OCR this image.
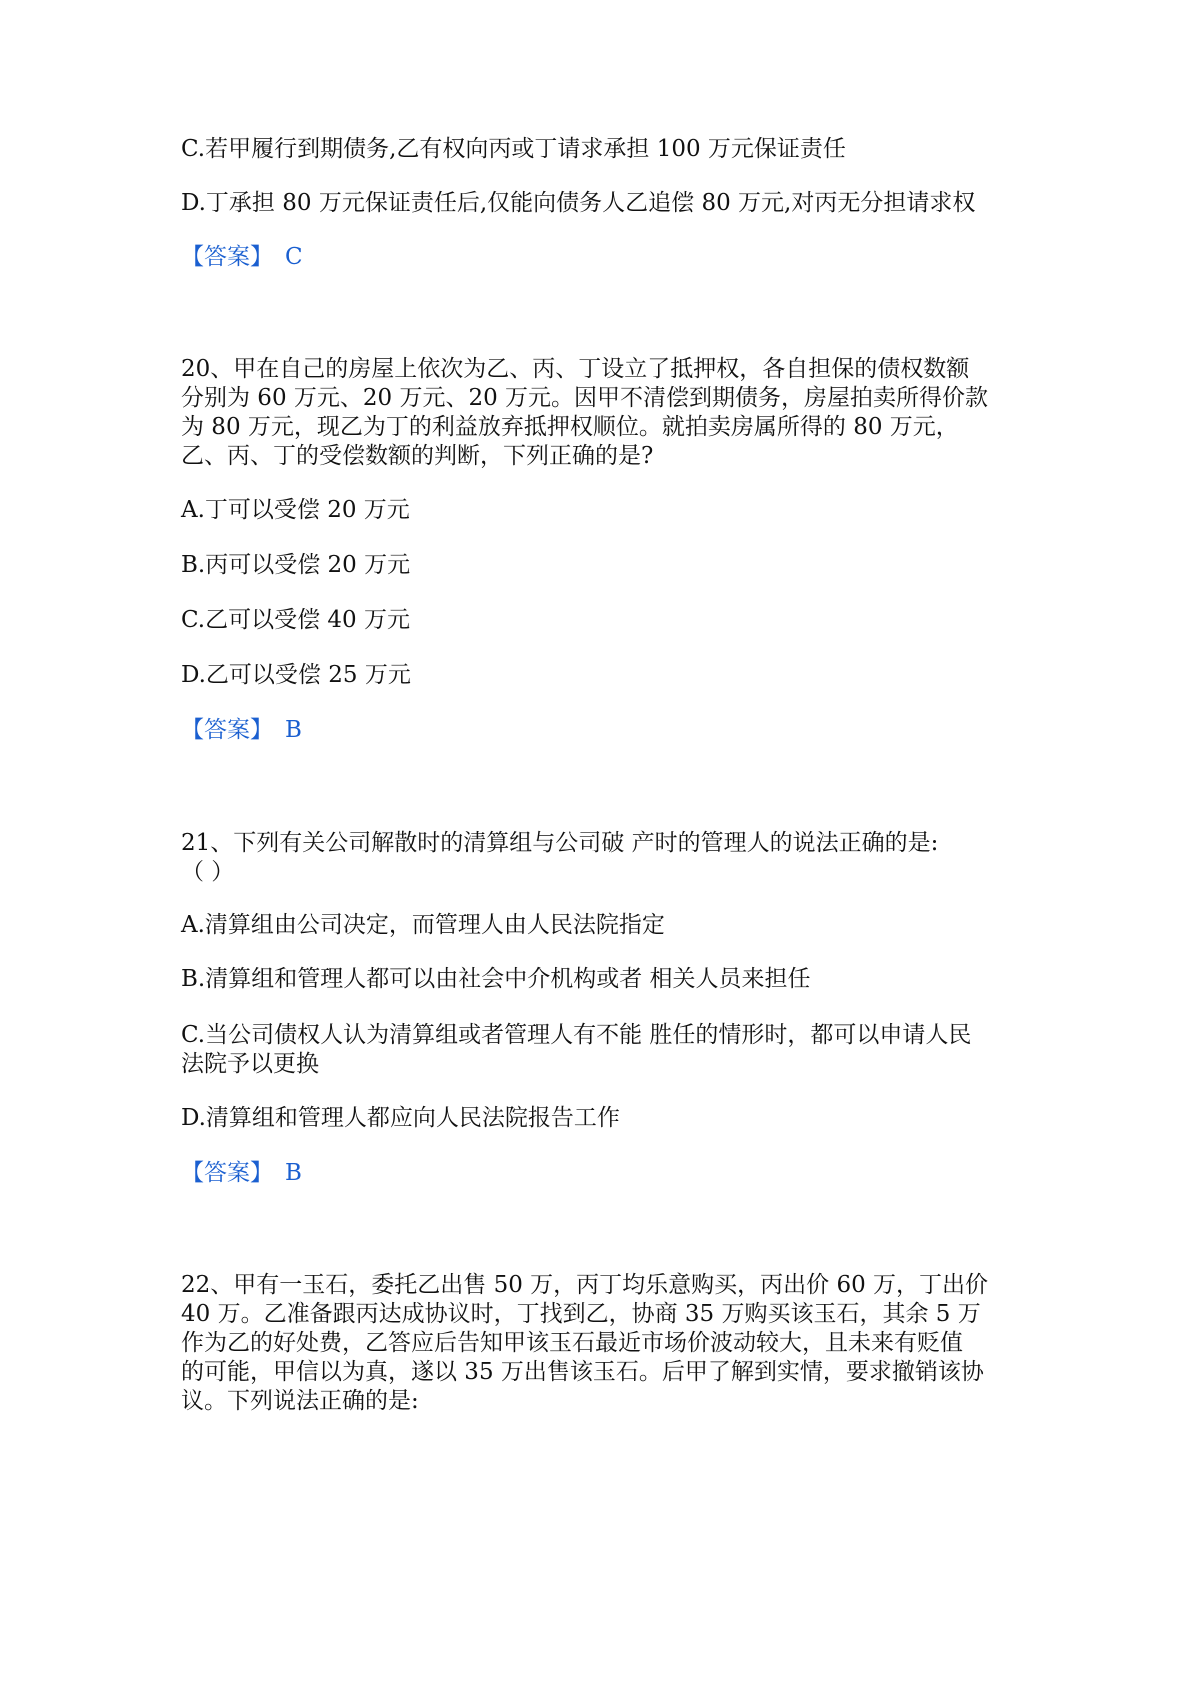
C.若甲履行到期债务,乙有权向丙或丁请求承担 100 万元保证责任
D.丁承担 80 万元保证责任后,仅能向债务人乙追偿 80 万元,对丙无分担请求权
【答案】 C
20、甲在自己的房屋上依次为乙、丙、丁设立了抵押权，各自担保的债权数额
分别为 60 万元、20 万元、20 万元。因甲不清偿到期债务，房屋拍卖所得价款
为 80 万元，现乙为丁的利益放弃抵押权顺位。就拍卖房属所得的 80 万元，
乙、丙、丁的受偿数额的判断，下列正确的是?
A.丁可以受偿 20 万元
B.丙可以受偿 20 万元
C.乙可以受偿 40 万元
D.乙可以受偿 25 万元
【答案】 B
21、下列有关公司解散时的清算组与公司破 产时的管理人的说法正确的是:
（ ）
A.清算组由公司决定，而管理人由人民法院指定
B.清算组和管理人都可以由社会中介机构或者 相关人员来担任
C.当公司债权人认为清算组或者管理人有不能 胜任的情形时，都可以申请人民
法院予以更换
D.清算组和管理人都应向人民法院报告工作
【答案】 B
22、甲有一玉石，委托乙出售 50 万，丙丁均乐意购买，丙出价 60 万，丁出价
40 万。乙准备跟丙达成协议时，丁找到乙，协商 35 万购买该玉石，其余 5 万
作为乙的好处费，乙答应后告知甲该玉石最近市场价波动较大，且未来有贬值
的可能，甲信以为真，遂以 35 万出售该玉石。后甲了解到实情，要求撤销该协
议。下列说法正确的是:
